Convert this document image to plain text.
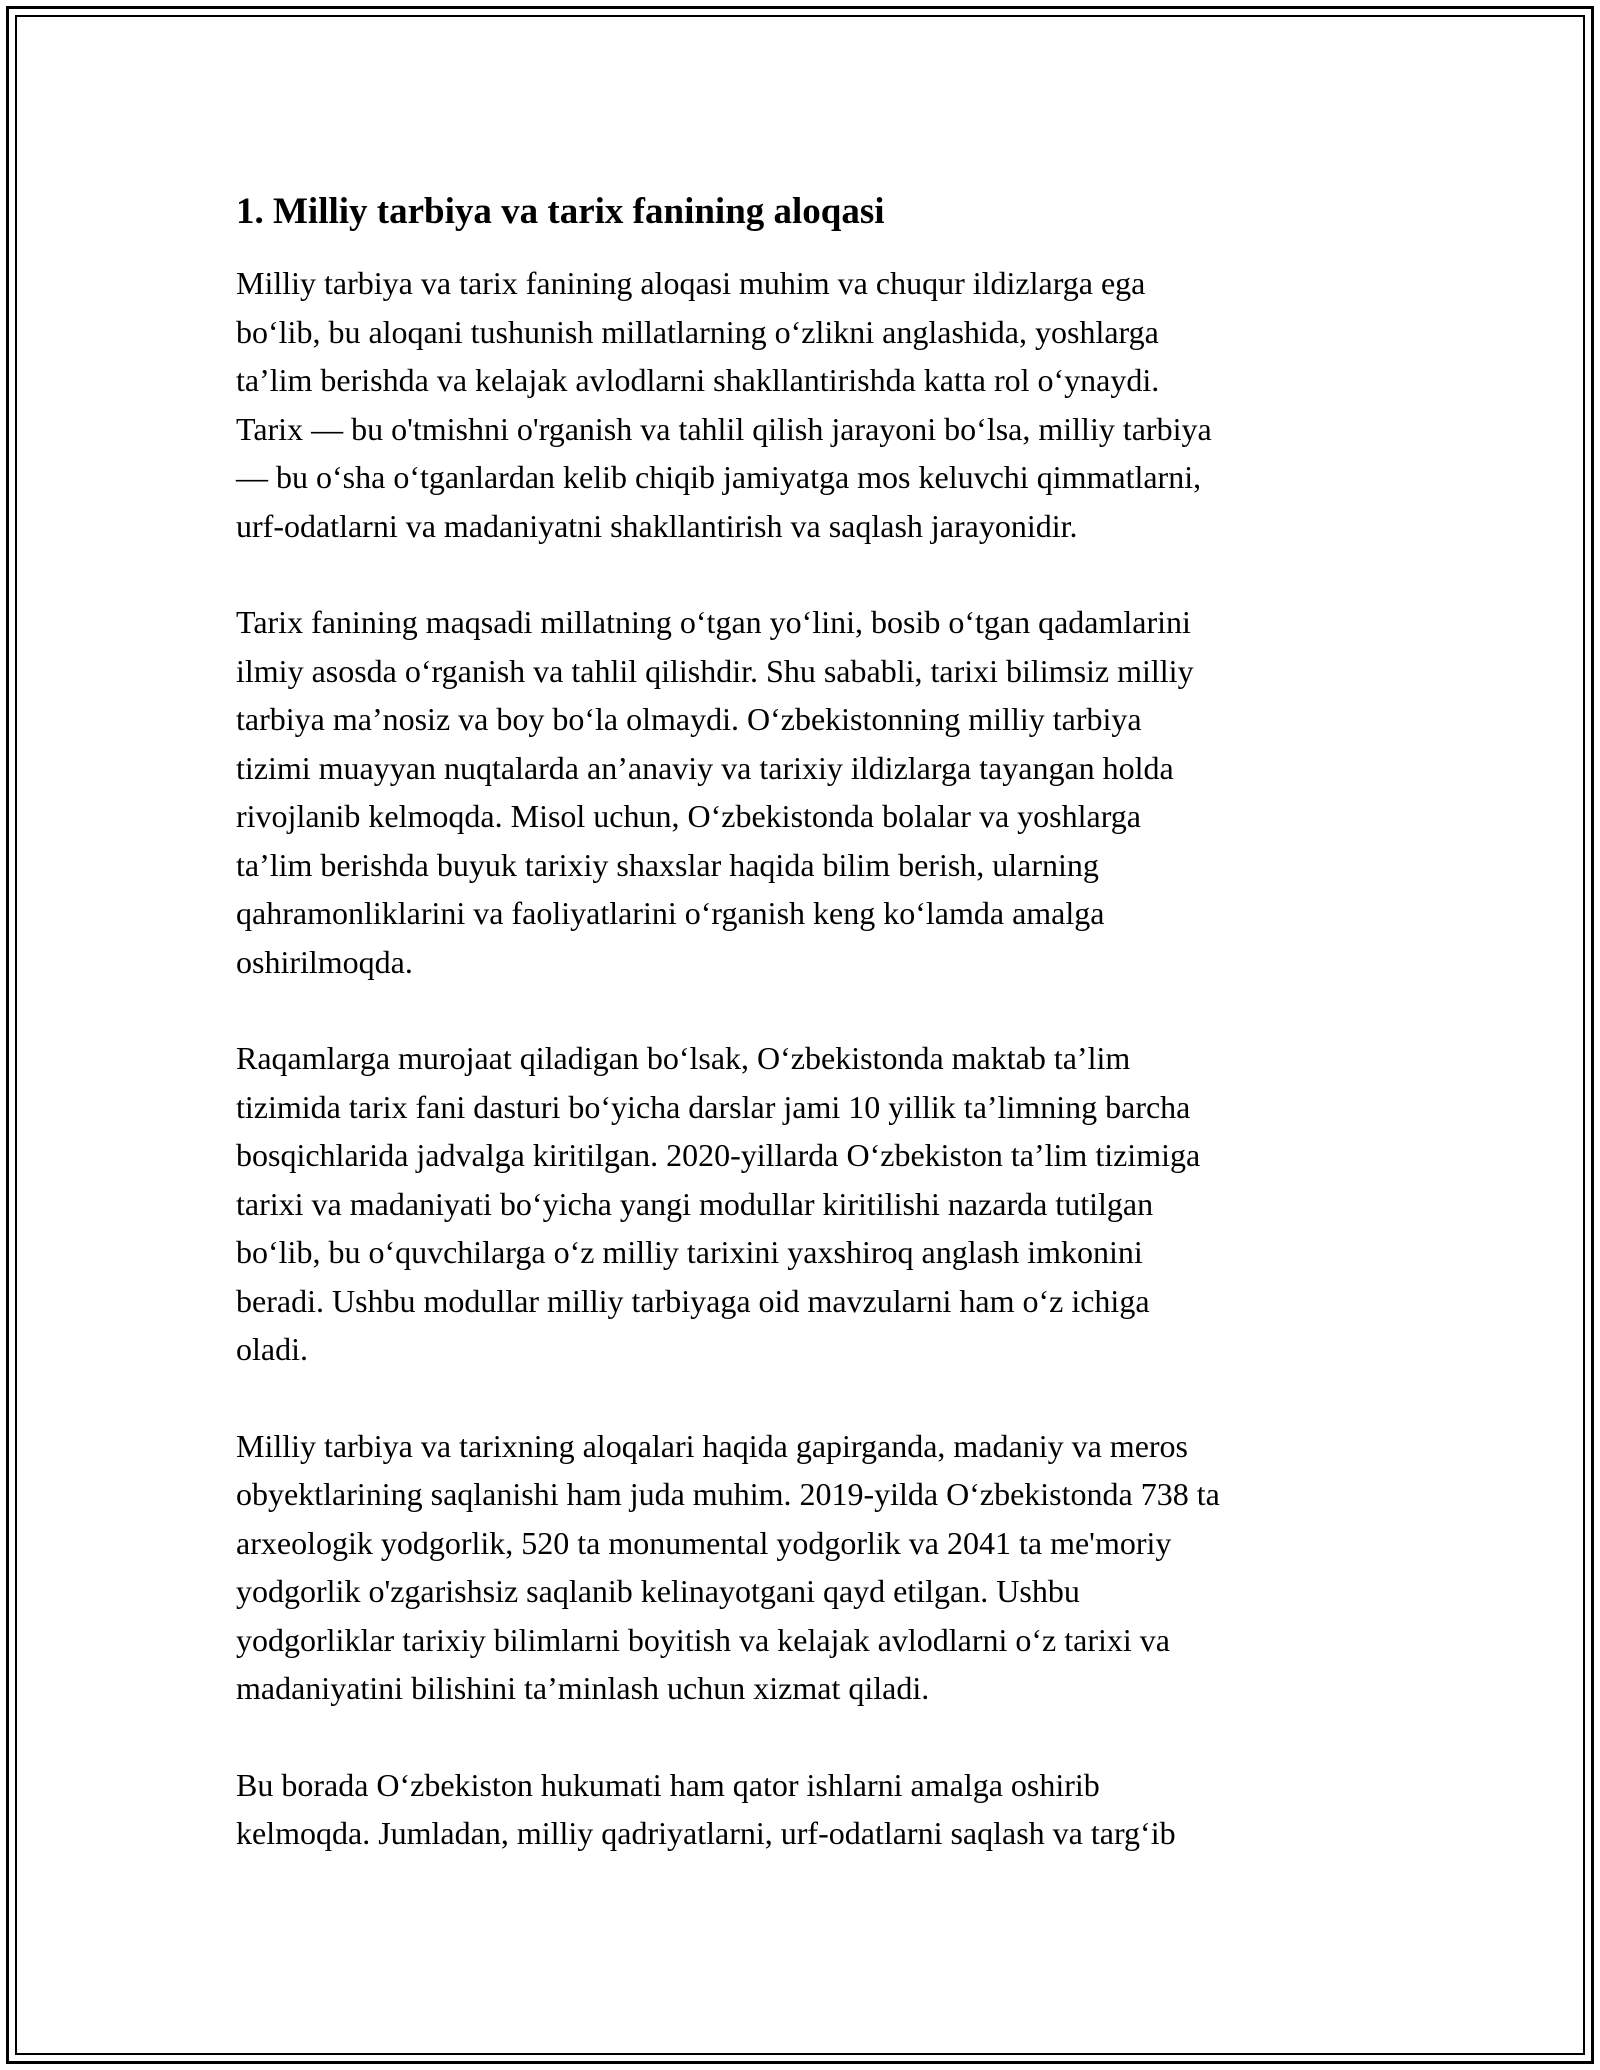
1. Milliy tarbiya va tarix fanining aloqasi
Milliy tarbiya va tarix fanining aloqasi muhim va chuqur ildizlarga ega
bo‘lib, bu aloqani tushunish millatlarning o‘zlikni anglashida, yoshlarga
ta’lim berishda va kelajak avlodlarni shakllantirishda katta rol o‘ynaydi.
Tarix — bu o'tmishni o'rganish va tahlil qilish jarayoni bo‘lsa, milliy tarbiya
— bu o‘sha o‘tganlardan kelib chiqib jamiyatga mos keluvchi qimmatlarni,
urf-odatlarni va madaniyatni shakllantirish va saqlash jarayonidir.
Tarix fanining maqsadi millatning o‘tgan yo‘lini, bosib o‘tgan qadamlarini
ilmiy asosda o‘rganish va tahlil qilishdir. Shu sababli, tarixi bilimsiz milliy
tarbiya ma’nosiz va boy bo‘la olmaydi. O‘zbekistonning milliy tarbiya
tizimi muayyan nuqtalarda an’anaviy va tarixiy ildizlarga tayangan holda
rivojlanib kelmoqda. Misol uchun, O‘zbekistonda bolalar va yoshlarga
ta’lim berishda buyuk tarixiy shaxslar haqida bilim berish, ularning
qahramonliklarini va faoliyatlarini o‘rganish keng ko‘lamda amalga
oshirilmoqda.
Raqamlarga murojaat qiladigan bo‘lsak, O‘zbekistonda maktab ta’lim
tizimida tarix fani dasturi bo‘yicha darslar jami 10 yillik ta’limning barcha
bosqichlarida jadvalga kiritilgan. 2020-yillarda O‘zbekiston ta’lim tizimiga
tarixi va madaniyati bo‘yicha yangi modullar kiritilishi nazarda tutilgan
bo‘lib, bu o‘quvchilarga o‘z milliy tarixini yaxshiroq anglash imkonini
beradi. Ushbu modullar milliy tarbiyaga oid mavzularni ham o‘z ichiga
oladi.
Milliy tarbiya va tarixning aloqalari haqida gapirganda, madaniy va meros
obyektlarining saqlanishi ham juda muhim. 2019-yilda O‘zbekistonda 738 ta
arxeologik yodgorlik, 520 ta monumental yodgorlik va 2041 ta me'moriy
yodgorlik o'zgarishsiz saqlanib kelinayotgani qayd etilgan. Ushbu
yodgorliklar tarixiy bilimlarni boyitish va kelajak avlodlarni o‘z tarixi va
madaniyatini bilishini ta’minlash uchun xizmat qiladi.
Bu borada O‘zbekiston hukumati ham qator ishlarni amalga oshirib
kelmoqda. Jumladan, milliy qadriyatlarni, urf-odatlarni saqlash va targ‘ib
